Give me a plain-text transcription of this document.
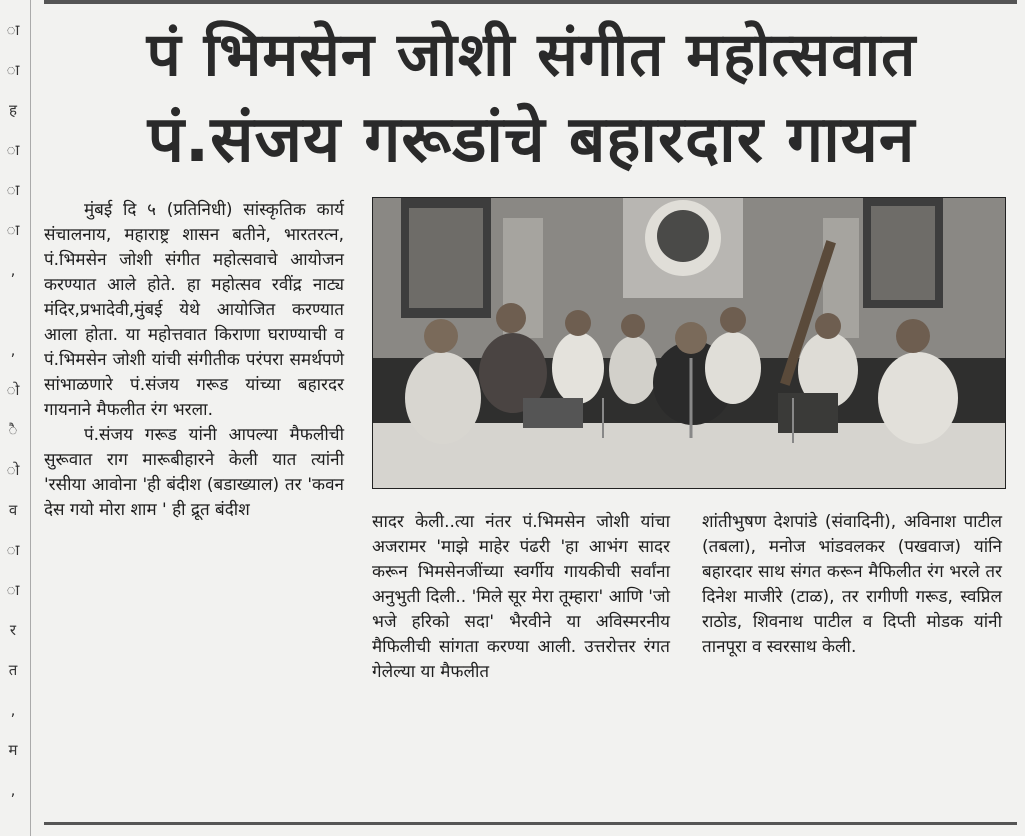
ा
ा
ह
ा
ा
ा
,
,
ो
ै
ो
व
ा
ा
र
त
,
म
,
पं भिमसेन जोशी संगीत महोत्सवात
पं.संजय गरूडांचे बहारदार गायन

मुंबई दि ५ (प्रतिनिधी) सांस्कृतिक कार्य संचालनाय, महाराष्ट्र शासन बतीने, भारतरत्न, पं.भिमसेन जोशी संगीत महोत्सवाचे आयोजन करण्यात आले होते. हा महोत्सव रवींद्र नाट्य मंदिर,प्रभादेवी,मुंबई येथे आयोजित करण्यात आला होता. या महोत्तवात किराणा घराण्याची व पं.भिमसेन जोशी यांची संगीतीक परंपरा समर्थपणे सांभाळणारे पं.संजय गरूड यांच्या बहारदर गायनाने मैफलीत रंग भरला.

पं.संजय गरूड यांनी आपल्या मैफलीची सुरूवात राग मारूबीहारने केली यात त्यांनी 'रसीया आवोना 'ही बंदीश (बडाख्याल) तर 'कवन देस गयो मोरा शाम ' ही द्रूत बंदीश

सादर केली..त्या नंतर पं.भिमसेन जोशी यांचा अजरामर 'माझे माहेर पंढरी 'हा आभंग सादर करून भिमसेनजींच्या स्वर्गीय गायकीची सर्वांना अनुभुती दिली.. 'मिले सूर मेरा तूम्हारा' आणि 'जो भजे हरिको सदा' भैरवीने या अविस्मरनीय मैफिलीची सांगता करण्या आली. उत्तरोत्तर रंगत गेलेल्या या मैफलीत

शांतीभुषण देशपांडे (संवादिनी), अविनाश पाटील (तबला), मनोज भांडवलकर (पखवाज) यांनि बहारदार साथ संगत करून मैफिलीत रंग भरले तर दिनेश माजीरे (टाळ), तर रागीणी गरूड, स्वप्निल राठोड, शिवनाथ पाटील व दिप्ती मोडक यांनी तानपूरा व स्वरसाथ केली.
